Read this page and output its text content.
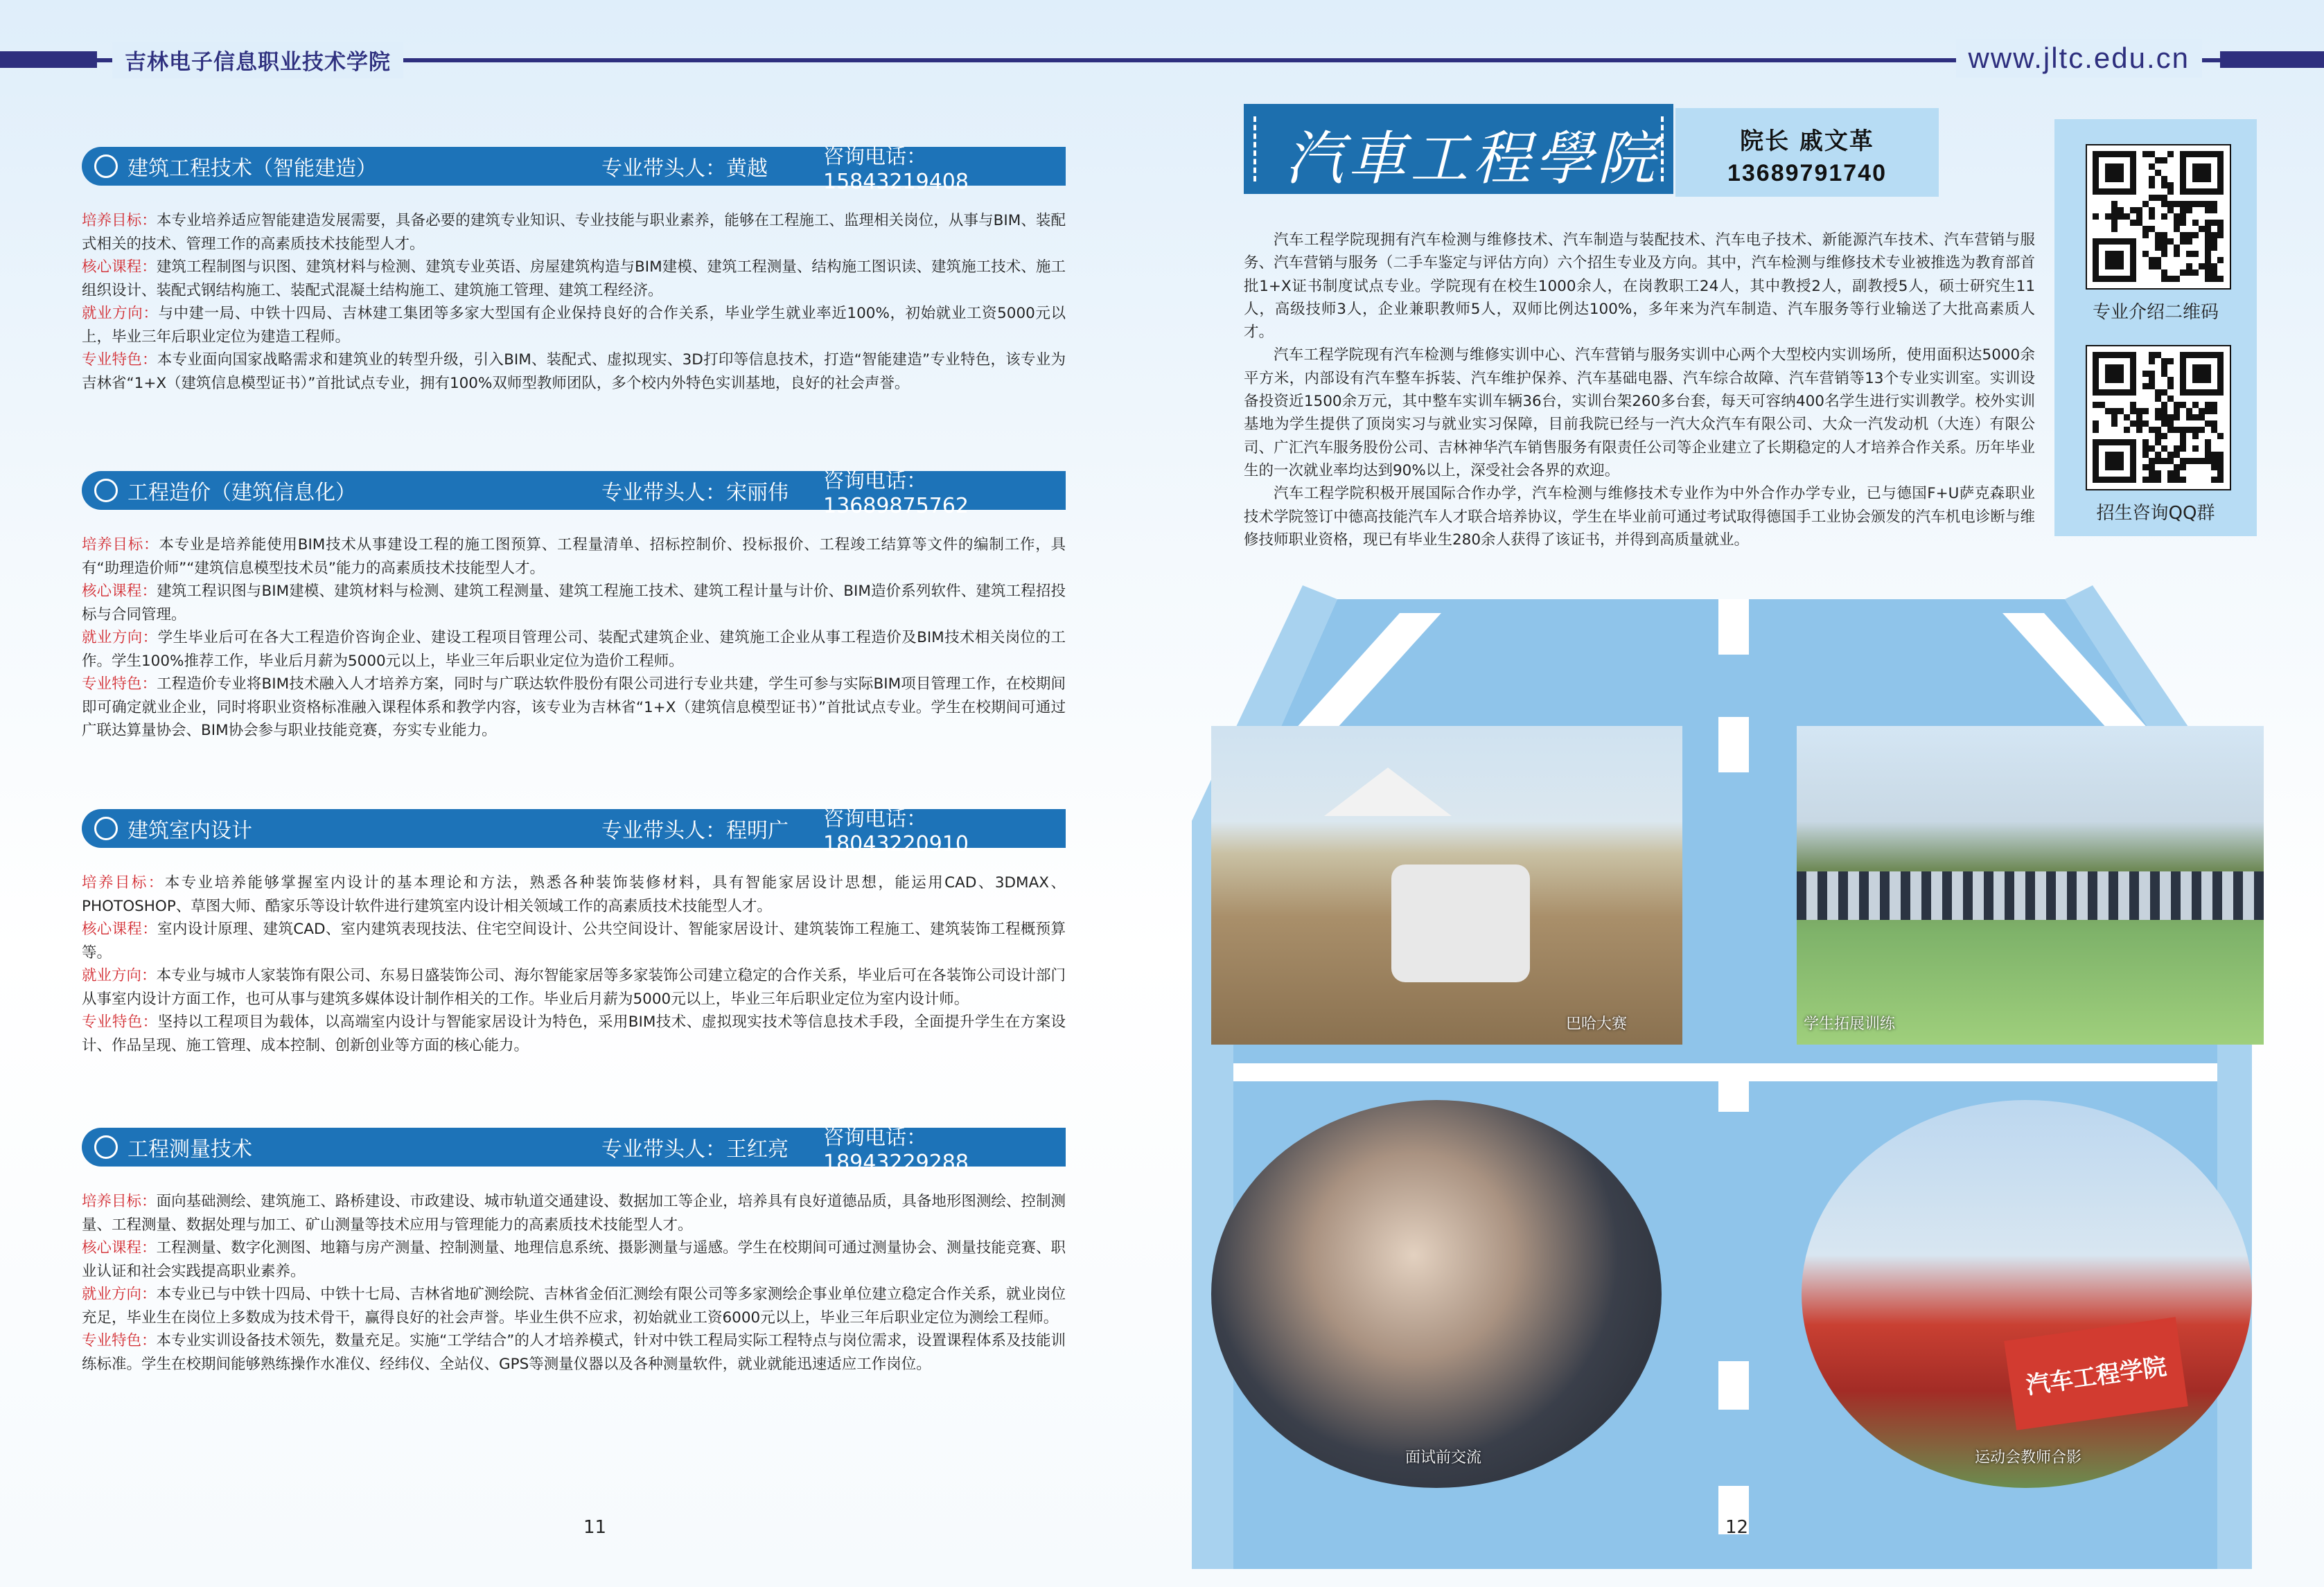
吉林电子信息职业技术学院	www.jltc.edu.cn
建筑工程技术（智能建造）	专业带头人：黄越	咨询电话：15843219408

培养目标：本专业培养适应智能建造发展需要，具备必要的建筑专业知识、专业技能与职业素养，能够在工程施工、监理相关岗位，从事与BIM、装配式相关的技术、管理工作的高素质技术技能型人才。

核心课程：建筑工程制图与识图、建筑材料与检测、建筑专业英语、房屋建筑构造与BIM建模、建筑工程测量、结构施工图识读、建筑施工技术、施工组织设计、装配式钢结构施工、装配式混凝土结构施工、建筑施工管理、建筑工程经济。

就业方向：与中建一局、中铁十四局、吉林建工集团等多家大型国有企业保持良好的合作关系，毕业学生就业率近100%，初始就业工资5000元以上，毕业三年后职业定位为建造工程师。

专业特色：本专业面向国家战略需求和建筑业的转型升级，引入BIM、装配式、虚拟现实、3D打印等信息技术，打造“智能建造”专业特色，该专业为吉林省“1+X（建筑信息模型证书）”首批试点专业，拥有100%双师型教师团队，多个校内外特色实训基地，良好的社会声誉。

工程造价（建筑信息化）	专业带头人：宋丽伟	咨询电话：13689875762

培养目标：本专业是培养能使用BIM技术从事建设工程的施工图预算、工程量清单、招标控制价、投标报价、工程竣工结算等文件的编制工作，具有“助理造价师”“建筑信息模型技术员”能力的高素质技术技能型人才。

核心课程：建筑工程识图与BIM建模、建筑材料与检测、建筑工程测量、建筑工程施工技术、建筑工程计量与计价、BIM造价系列软件、建筑工程招投标与合同管理。

就业方向：学生毕业后可在各大工程造价咨询企业、建设工程项目管理公司、装配式建筑企业、建筑施工企业从事工程造价及BIM技术相关岗位的工作。学生100%推荐工作，毕业后月薪为5000元以上，毕业三年后职业定位为造价工程师。

专业特色：工程造价专业将BIM技术融入人才培养方案，同时与广联达软件股份有限公司进行专业共建，学生可参与实际BIM项目管理工作，在校期间即可确定就业企业，同时将职业资格标准融入课程体系和教学内容，该专业为吉林省“1+X（建筑信息模型证书）”首批试点专业。学生在校期间可通过广联达算量协会、BIM协会参与职业技能竞赛，夯实专业能力。

建筑室内设计	专业带头人：程明广	咨询电话：18043220910

培养目标：本专业培养能够掌握室内设计的基本理论和方法，熟悉各种装饰装修材料，具有智能家居设计思想，能运用CAD、3DMAX、PHOTOSHOP、草图大师、酷家乐等设计软件进行建筑室内设计相关领域工作的高素质技术技能型人才。

核心课程：室内设计原理、建筑CAD、室内建筑表现技法、住宅空间设计、公共空间设计、智能家居设计、建筑装饰工程施工、建筑装饰工程概预算等。

就业方向：本专业与城市人家装饰有限公司、东易日盛装饰公司、海尔智能家居等多家装饰公司建立稳定的合作关系，毕业后可在各装饰公司设计部门从事室内设计方面工作，也可从事与建筑多媒体设计制作相关的工作。毕业后月薪为5000元以上，毕业三年后职业定位为室内设计师。

专业特色：坚持以工程项目为载体，以高端室内设计与智能家居设计为特色，采用BIM技术、虚拟现实技术等信息技术手段，全面提升学生在方案设计、作品呈现、施工管理、成本控制、创新创业等方面的核心能力。

工程测量技术	专业带头人：王红亮	咨询电话：18943229288

培养目标：面向基础测绘、建筑施工、路桥建设、市政建设、城市轨道交通建设、数据加工等企业，培养具有良好道德品质，具备地形图测绘、控制测量、工程测量、数据处理与加工、矿山测量等技术应用与管理能力的高素质技术技能型人才。

核心课程：工程测量、数字化测图、地籍与房产测量、控制测量、地理信息系统、摄影测量与遥感。学生在校期间可通过测量协会、测量技能竞赛、职业认证和社会实践提高职业素养。

就业方向：本专业已与中铁十四局、中铁十七局、吉林省地矿测绘院、吉林省金佰汇测绘有限公司等多家测绘企事业单位建立稳定合作关系，就业岗位充足，毕业生在岗位上多数成为技术骨干，赢得良好的社会声誉。毕业生供不应求，初始就业工资6000元以上，毕业三年后职业定位为测绘工程师。

专业特色：本专业实训设备技术领先，数量充足。实施“工学结合”的人才培养模式，针对中铁工程局实际工程特点与岗位需求，设置课程体系及技能训练标准。学生在校期间能够熟练操作水准仪、经纬仪、全站仪、GPS等测量仪器以及各种测量软件，就业就能迅速适应工作岗位。

汽車工程學院	院长 戚文革
13689791740
专业介绍二维码
招生咨询QQ群

汽车工程学院现拥有汽车检测与维修技术、汽车制造与装配技术、汽车电子技术、新能源汽车技术、汽车营销与服务、汽车营销与服务（二手车鉴定与评估方向）六个招生专业及方向。其中，汽车检测与维修技术专业被推选为教育部首批1+X证书制度试点专业。学院现有在校生1000余人，在岗教职工24人，其中教授2人，副教授5人，硕士研究生11人，高级技师3人，企业兼职教师5人，双师比例达100%，多年来为汽车制造、汽车服务等行业输送了大批高素质人才。

汽车工程学院现有汽车检测与维修实训中心、汽车营销与服务实训中心两个大型校内实训场所，使用面积达5000余平方米，内部设有汽车整车拆装、汽车维护保养、汽车基础电器、汽车综合故障、汽车营销等13个专业实训室。实训设备投资近1500余万元，其中整车实训车辆36台，实训台架260多台套，每天可容纳400名学生进行实训教学。校外实训基地为学生提供了顶岗实习与就业实习保障，目前我院已经与一汽大众汽车有限公司、大众一汽发动机（大连）有限公司、广汇汽车服务股份公司、吉林神华汽车销售服务有限责任公司等企业建立了长期稳定的人才培养合作关系。历年毕业生的一次就业率均达到90%以上，深受社会各界的欢迎。

汽车工程学院积极开展国际合作办学，汽车检测与维修技术专业作为中外合作办学专业，已与德国F+U萨克森职业技术学院签订中德高技能汽车人才联合培养协议，学生在毕业前可通过考试取得德国手工业协会颁发的汽车机电诊断与维修技师职业资格，现已有毕业生280余人获得了该证书，并得到高质量就业。

巴哈大赛	学生拓展训练
面试前交流
汽车工程学院
运动会教师合影
11	12
